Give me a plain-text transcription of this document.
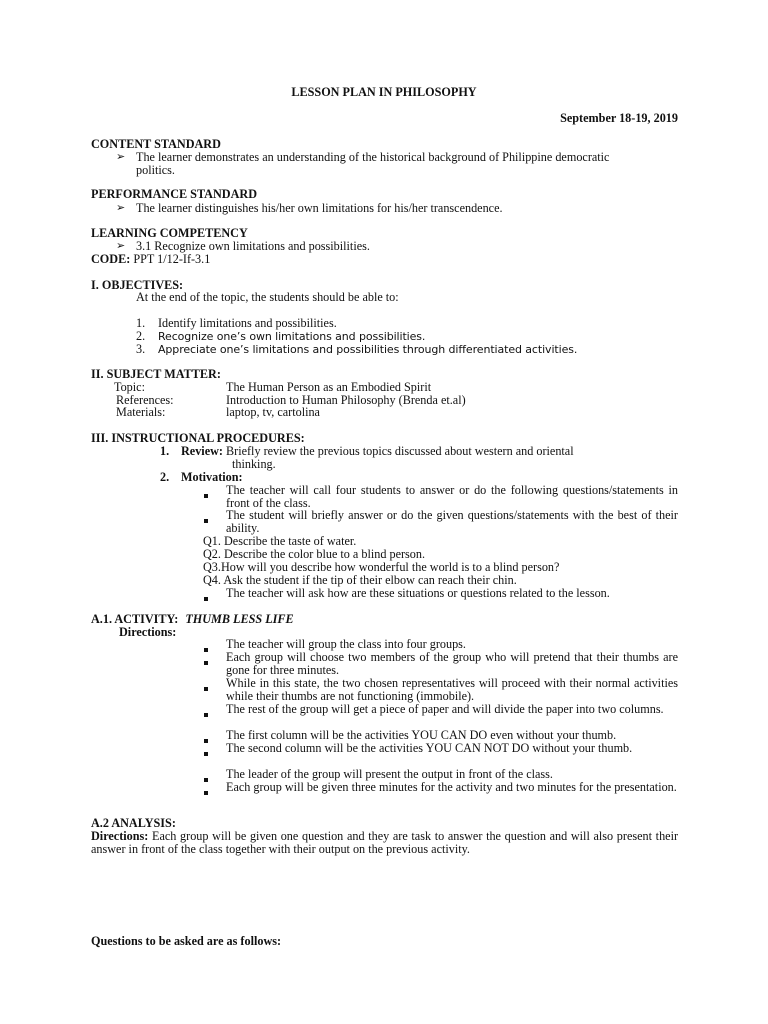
LESSON PLAN IN PHILOSOPHY
September 18-19, 2019
CONTENT STANDARD
➢ The learner demonstrates an understanding of the historical background of Philippine democratic
politics.
PERFORMANCE STANDARD
➢ The learner distinguishes his/her own limitations for his/her transcendence.
LEARNING COMPETENCY
➢ 3.1 Recognize own limitations and possibilities.
CODE: PPT 1/12-If-3.1
I. OBJECTIVES:
At the end of the topic, the students should be able to:
1. Identify limitations and possibilities.
2. Recognize one’s own limitations and possibilities.
3. Appreciate one’s limitations and possibilities through differentiated activities.
II. SUBJECT MATTER:
Topic:	The Human Person as an Embodied Spirit
References:	Introduction to Human Philosophy (Brenda et.al)
Materials:	laptop, tv, cartolina
III. INSTRUCTIONAL PROCEDURES:
1. Review: Briefly review the previous topics discussed about western and oriental
thinking.
2. Motivation:
The teacher will call four students to answer or do the following questions/statements in front of the class.
The student will briefly answer or do the given questions/statements with the best of their ability.
Q1. Describe the taste of water.
Q2. Describe the color blue to a blind person.
Q3.How will you describe how wonderful the world is to a blind person?
Q4. Ask the student if the tip of their elbow can reach their chin.
The teacher will ask how are these situations or questions related to the lesson.
A.1. ACTIVITY: THUMB LESS LIFE
Directions:
The teacher will group the class into four groups.
Each group will choose two members of the group who will pretend that their thumbs are gone for three minutes.
While in this state, the two chosen representatives will proceed with their normal activities while their thumbs are not functioning (immobile).
The rest of the group will get a piece of paper and will divide the paper into two columns.
The first column will be the activities YOU CAN DO even without your thumb.
The second column will be the activities YOU CAN NOT DO without your thumb.
The leader of the group will present the output in front of the class.
Each group will be given three minutes for the activity and two minutes for the presentation.
A.2 ANALYSIS:
Directions: Each group will be given one question and they are task to answer the question and will also present their answer in front of the class together with their output on the previous activity.
Questions to be asked are as follows:
